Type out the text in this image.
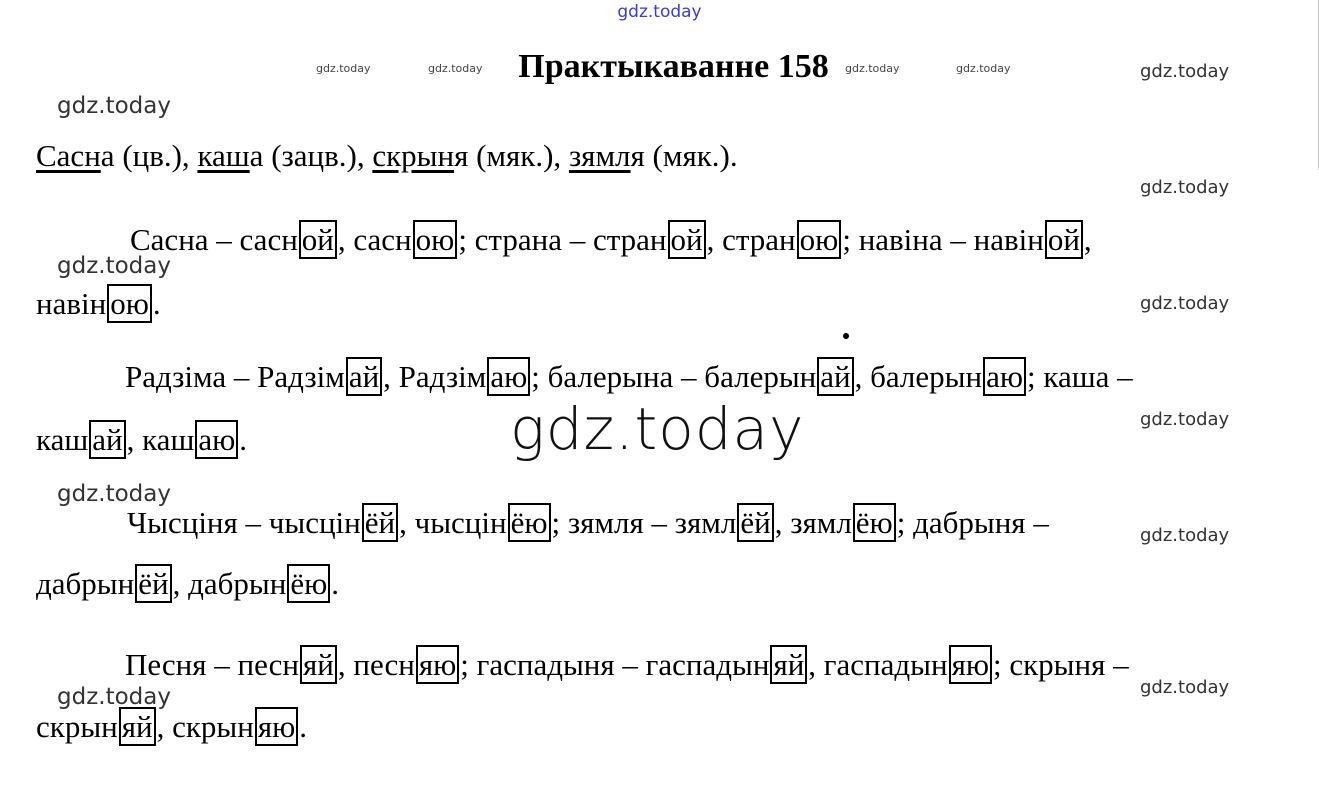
gdz.today
gdz.today	gdz.today	gdz.today	gdz.today
Практыкаванне 158	gdz.today
gdz.today
gdz.today
gdz.today
gdz.today
gdz.today
gdz.today
gdz.today
gdz.today
gdz.today
Сасна (цв.), каша (зацв.), скрыня (мяк.), зямля (мяк.).
Сасна – сасн ой , сасн ою ; страна – стран ой , стран ою ; навіна – навін ой ,
навін ою .
Радзіма – Радзім ай , Радзім аю ; балерына – балерын ай , балерын аю ; каша –
каш ай , каш аю .	gdz.today
Чысціня – чысцін ёй , чысцін ёю ; зямля – зямл ёй , зямл ёю ; дабрыня –
дабрын ёй , дабрын ёю .
Песня – песн яй , песн яю ; гаспадыня – гаспадын яй , гаспадын яю ; скрыня –
скрын яй , скрын яю .
